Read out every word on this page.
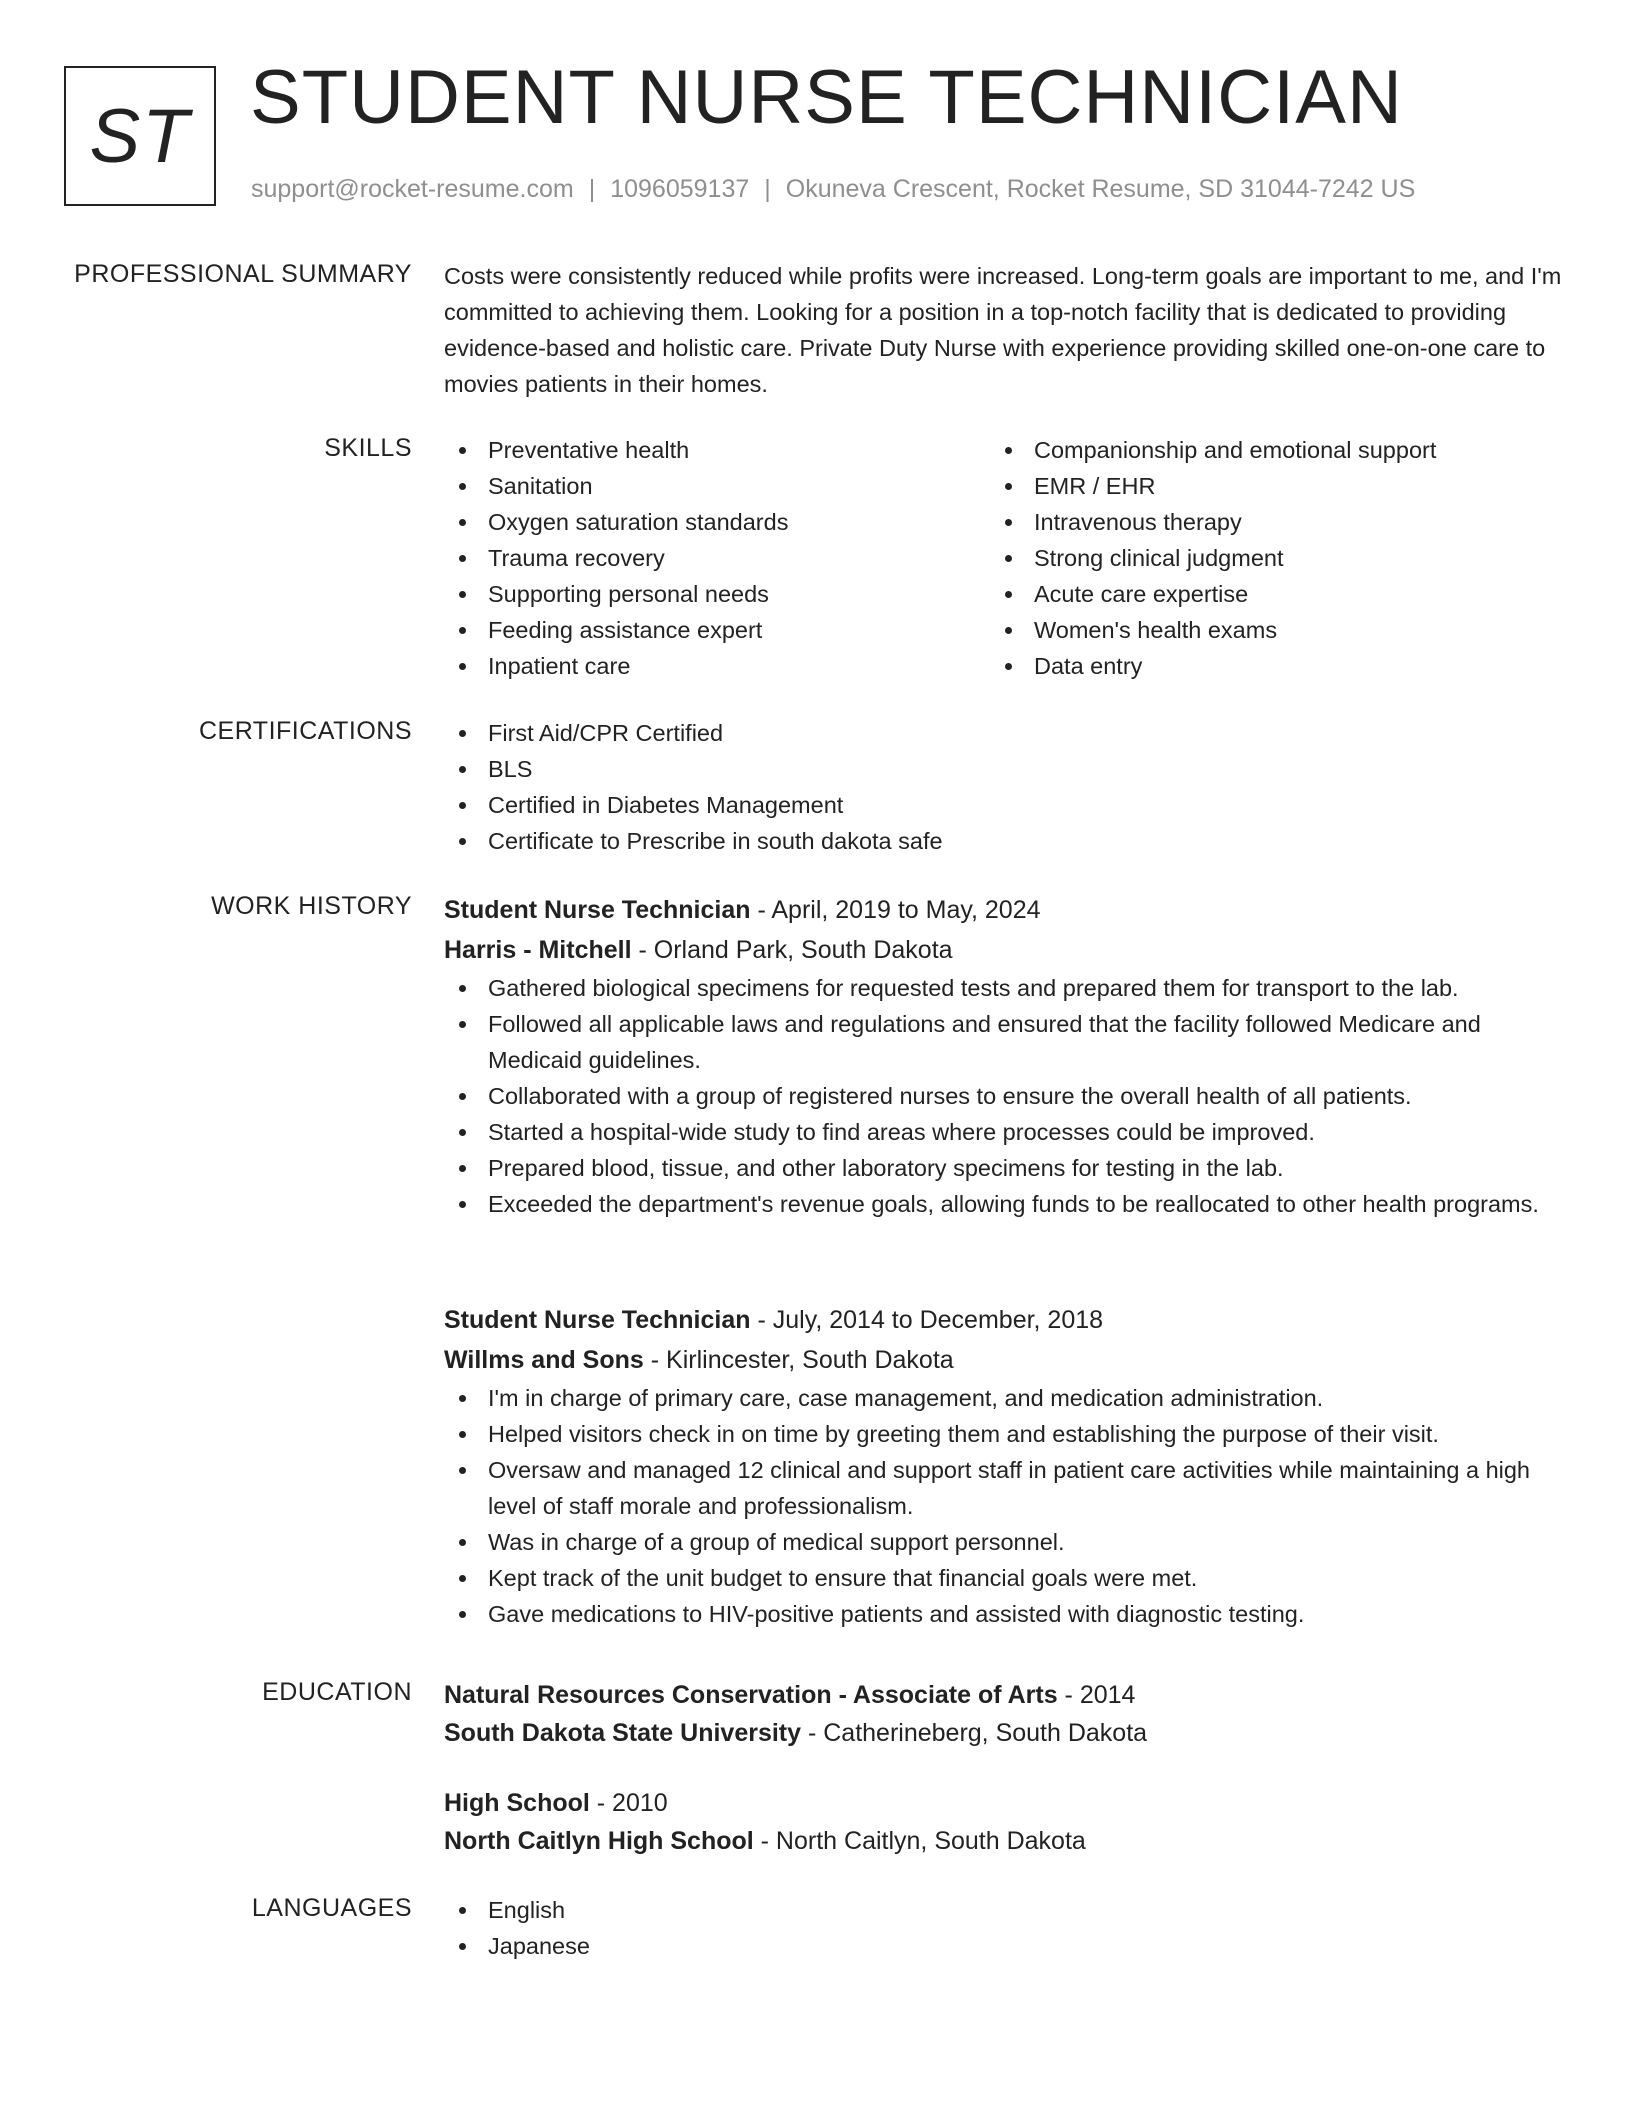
ST STUDENT NURSE TECHNICIAN
support@rocket-resume.com | 1096059137 | Okuneva Crescent, Rocket Resume, SD 31044-7242 US
PROFESSIONAL SUMMARY Costs were consistently reduced while profits were increased. Long-term goals are important to me, and I'm committed to achieving them. Looking for a position in a top-notch facility that is dedicated to providing evidence-based and holistic care. Private Duty Nurse with experience providing skilled one-on-one care to movies patients in their homes.
SKILLS	Preventative health
Sanitation
Oxygen saturation standards
Trauma recovery
Supporting personal needs
Feeding assistance expert
Inpatient care
Companionship and emotional support
EMR / EHR
Intravenous therapy
Strong clinical judgment
Acute care expertise
Women's health exams
Data entry
CERTIFICATIONS	First Aid/CPR Certified
BLS
Certified in Diabetes Management
Certificate to Prescribe in south dakota safe
WORK HISTORY Student Nurse Technician - April, 2019 to May, 2024
Harris - Mitchell - Orland Park, South Dakota
Gathered biological specimens for requested tests and prepared them for transport to the lab.
Followed all applicable laws and regulations and ensured that the facility followed Medicare and Medicaid guidelines.
Collaborated with a group of registered nurses to ensure the overall health of all patients.
Started a hospital-wide study to find areas where processes could be improved.
Prepared blood, tissue, and other laboratory specimens for testing in the lab.
Exceeded the department's revenue goals, allowing funds to be reallocated to other health programs.
Student Nurse Technician - July, 2014 to December, 2018
Willms and Sons - Kirlincester, South Dakota
I'm in charge of primary care, case management, and medication administration.
Helped visitors check in on time by greeting them and establishing the purpose of their visit.
Oversaw and managed 12 clinical and support staff in patient care activities while maintaining a high level of staff morale and professionalism.
Was in charge of a group of medical support personnel.
Kept track of the unit budget to ensure that financial goals were met.
Gave medications to HIV-positive patients and assisted with diagnostic testing.
EDUCATION Natural Resources Conservation - Associate of Arts - 2014
South Dakota State University - Catherineberg, South Dakota
High School - 2010
North Caitlyn High School - North Caitlyn, South Dakota
LANGUAGES	English
Japanese
